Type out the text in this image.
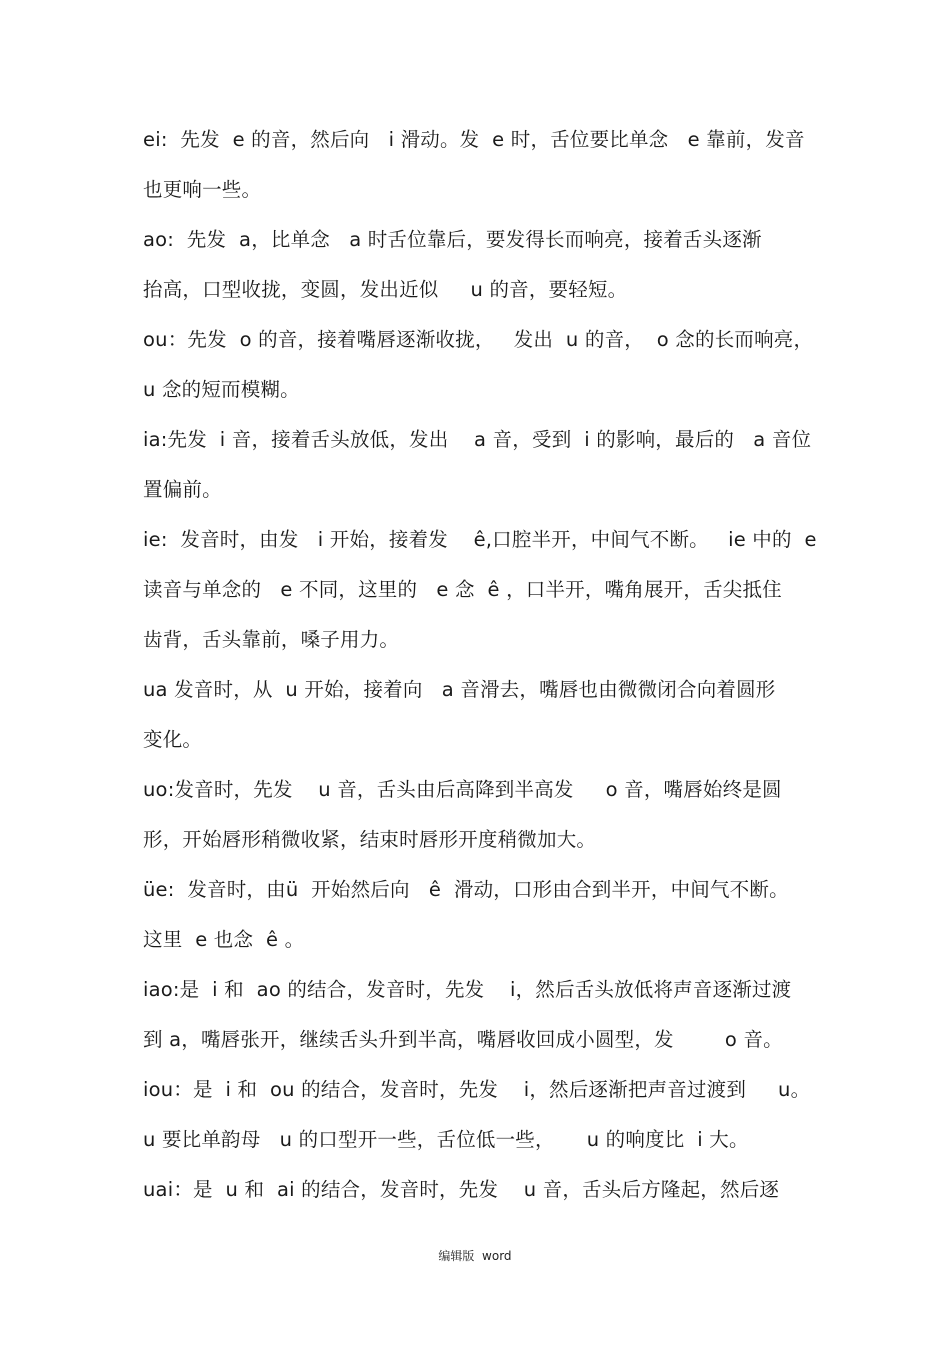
ei:  先发  e 的音，然后向   i 滑动。发  e 时，舌位要比单念   e 靠前，发音
也更响一些。
ao:  先发  a，比单念   a 时舌位靠后，要发得长而响亮，接着舌头逐渐
抬高，口型收拢，变圆，发出近似     u 的音，要轻短。
ou：先发  o 的音，接着嘴唇逐渐收拢，   发出  u 的音，  o 念的长而响亮，
u 念的短而模糊。
ia:先发  i 音，接着舌头放低，发出    a 音，受到  i 的影响，最后的   a 音位
置偏前。
ie:  发音时，由发   i 开始，接着发    ê,口腔半开，中间气不断。   ie 中的  e
读音与单念的   e 不同，这里的   e 念  ê ，口半开，嘴角展开，舌尖抵住
齿背，舌头靠前，嗓子用力。
ua 发音时，从  u 开始，接着向   a 音滑去，嘴唇也由微微闭合向着圆形
变化。
uo:发音时，先发    u 音，舌头由后高降到半高发     o 音，嘴唇始终是圆
形，开始唇形稍微收紧，结束时唇形开度稍微加大。
üe:  发音时，由ü  开始然后向   ê  滑动，口形由合到半开，中间气不断。
这里  e 也念  ê 。
iao:是  i 和  ao 的结合，发音时，先发    i，然后舌头放低将声音逐渐过渡
到 a，嘴唇张开，继续舌头升到半高，嘴唇收回成小圆型，发        o 音。
iou：是  i 和  ou 的结合，发音时，先发    i，然后逐渐把声音过渡到     u。
u 要比单韵母   u 的口型开一些，舌位低一些，     u 的响度比  i 大。
uai：是  u 和  ai 的结合，发音时，先发    u 音，舌头后方隆起，然后逐
编辑版  word
